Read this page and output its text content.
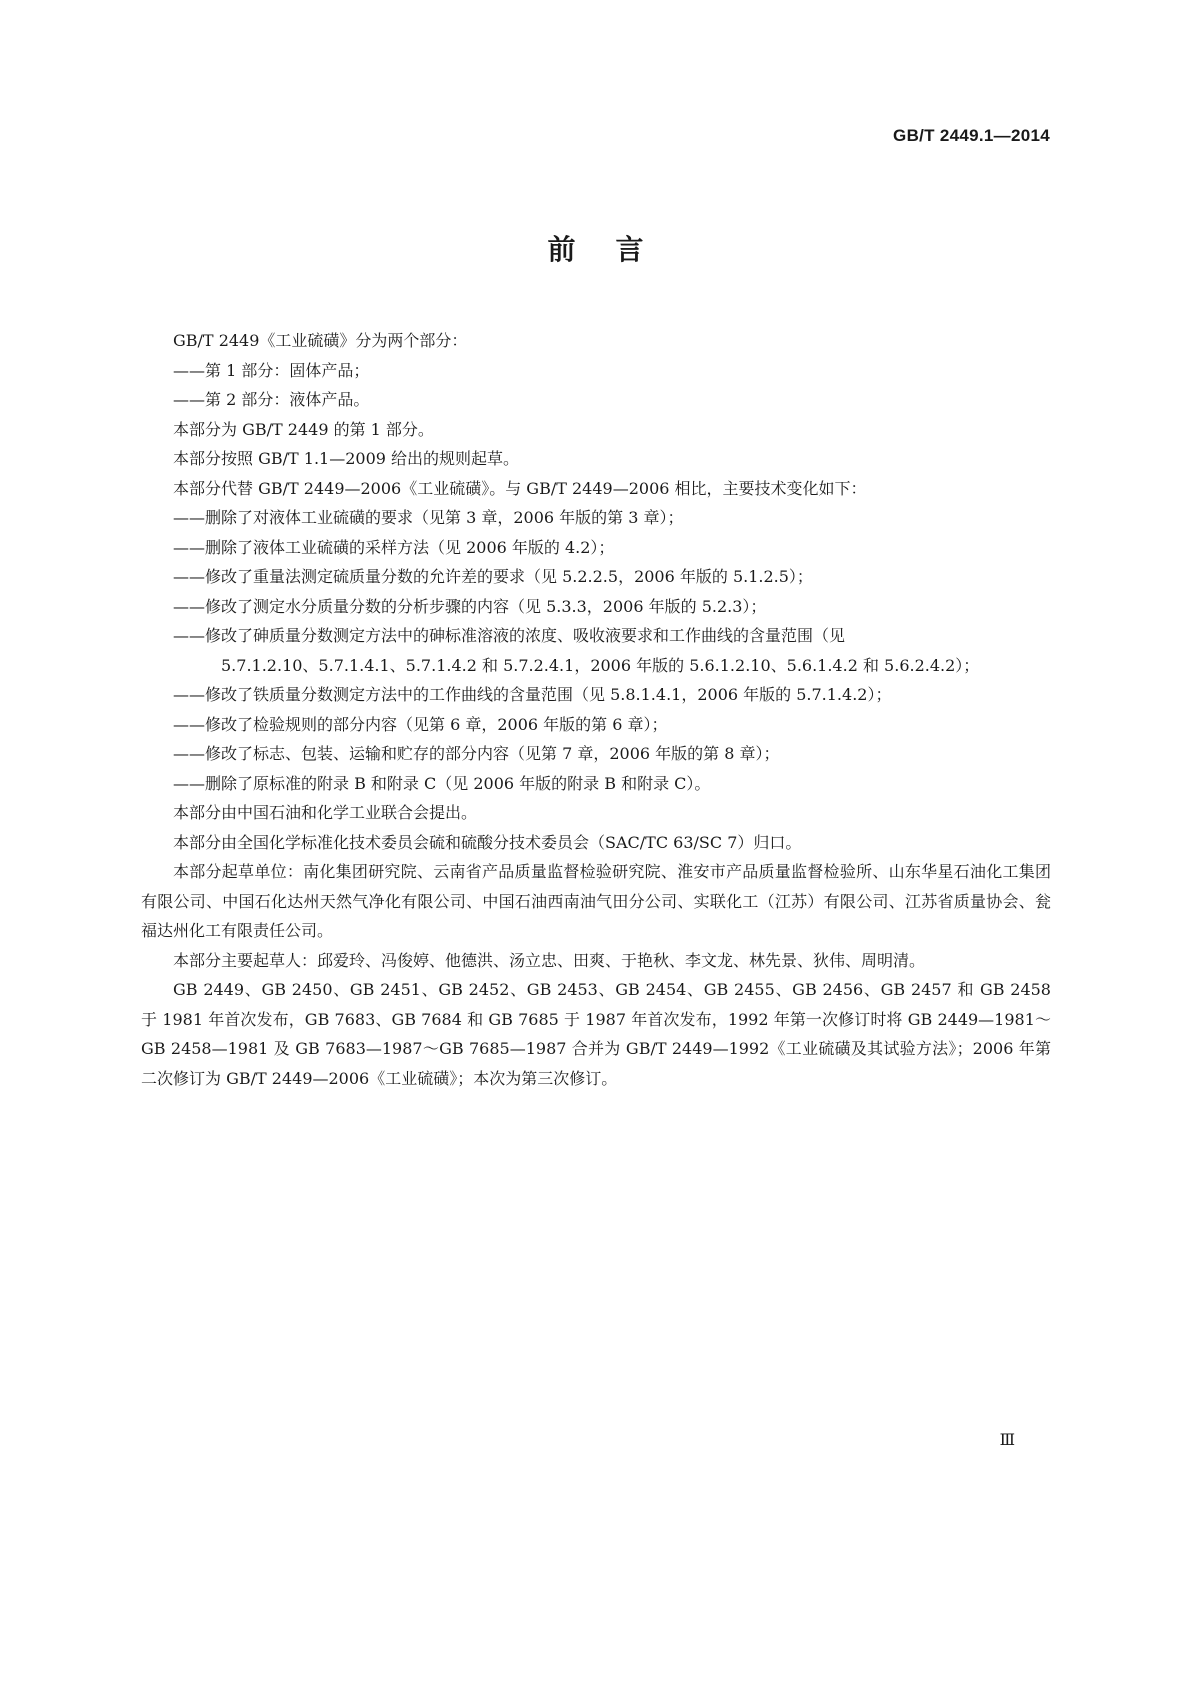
GB/T 2449.1—2014
前言

GB/T 2449《工业硫磺》分为两个部分：

——第 1 部分：固体产品；

——第 2 部分：液体产品。

本部分为 GB/T 2449 的第 1 部分。

本部分按照 GB/T 1.1—2009 给出的规则起草。

本部分代替 GB/T 2449—2006《工业硫磺》。与 GB/T 2449—2006 相比，主要技术变化如下：

——删除了对液体工业硫磺的要求（见第 3 章，2006 年版的第 3 章）；

——删除了液体工业硫磺的采样方法（见 2006 年版的 4.2）；

——修改了重量法测定硫质量分数的允许差的要求（见 5.2.2.5，2006 年版的 5.1.2.5）；

——修改了测定水分质量分数的分析步骤的内容（见 5.3.3，2006 年版的 5.2.3）；

——修改了砷质量分数测定方法中的砷标准溶液的浓度、吸收液要求和工作曲线的含量范围（见

5.7.1.2.10、5.7.1.4.1、5.7.1.4.2 和 5.7.2.4.1，2006 年版的 5.6.1.2.10、5.6.1.4.2 和 5.6.2.4.2）；

——修改了铁质量分数测定方法中的工作曲线的含量范围（见 5.8.1.4.1，2006 年版的 5.7.1.4.2）；

——修改了检验规则的部分内容（见第 6 章，2006 年版的第 6 章）；

——修改了标志、包装、运输和贮存的部分内容（见第 7 章，2006 年版的第 8 章）；

——删除了原标准的附录 B 和附录 C（见 2006 年版的附录 B 和附录 C）。

本部分由中国石油和化学工业联合会提出。

本部分由全国化学标准化技术委员会硫和硫酸分技术委员会（SAC/TC 63/SC 7）归口。

本部分起草单位：南化集团研究院、云南省产品质量监督检验研究院、淮安市产品质量监督检验所、山东华星石油化工集团有限公司、中国石化达州天然气净化有限公司、中国石油西南油气田分公司、实联化工（江苏）有限公司、江苏省质量协会、瓮福达州化工有限责任公司。

本部分主要起草人：邱爱玲、冯俊婷、他德洪、汤立忠、田爽、于艳秋、李文龙、林先景、狄伟、周明清。

GB 2449、GB 2450、GB 2451、GB 2452、GB 2453、GB 2454、GB 2455、GB 2456、GB 2457 和 GB 2458 于 1981 年首次发布，GB 7683、GB 7684 和 GB 7685 于 1987 年首次发布，1992 年第一次修订时将 GB 2449—1981～GB 2458—1981 及 GB 7683—1987～GB 7685—1987 合并为 GB/T 2449—1992《工业硫磺及其试验方法》；2006 年第二次修订为 GB/T 2449—2006《工业硫磺》；本次为第三次修订。

Ⅲ
